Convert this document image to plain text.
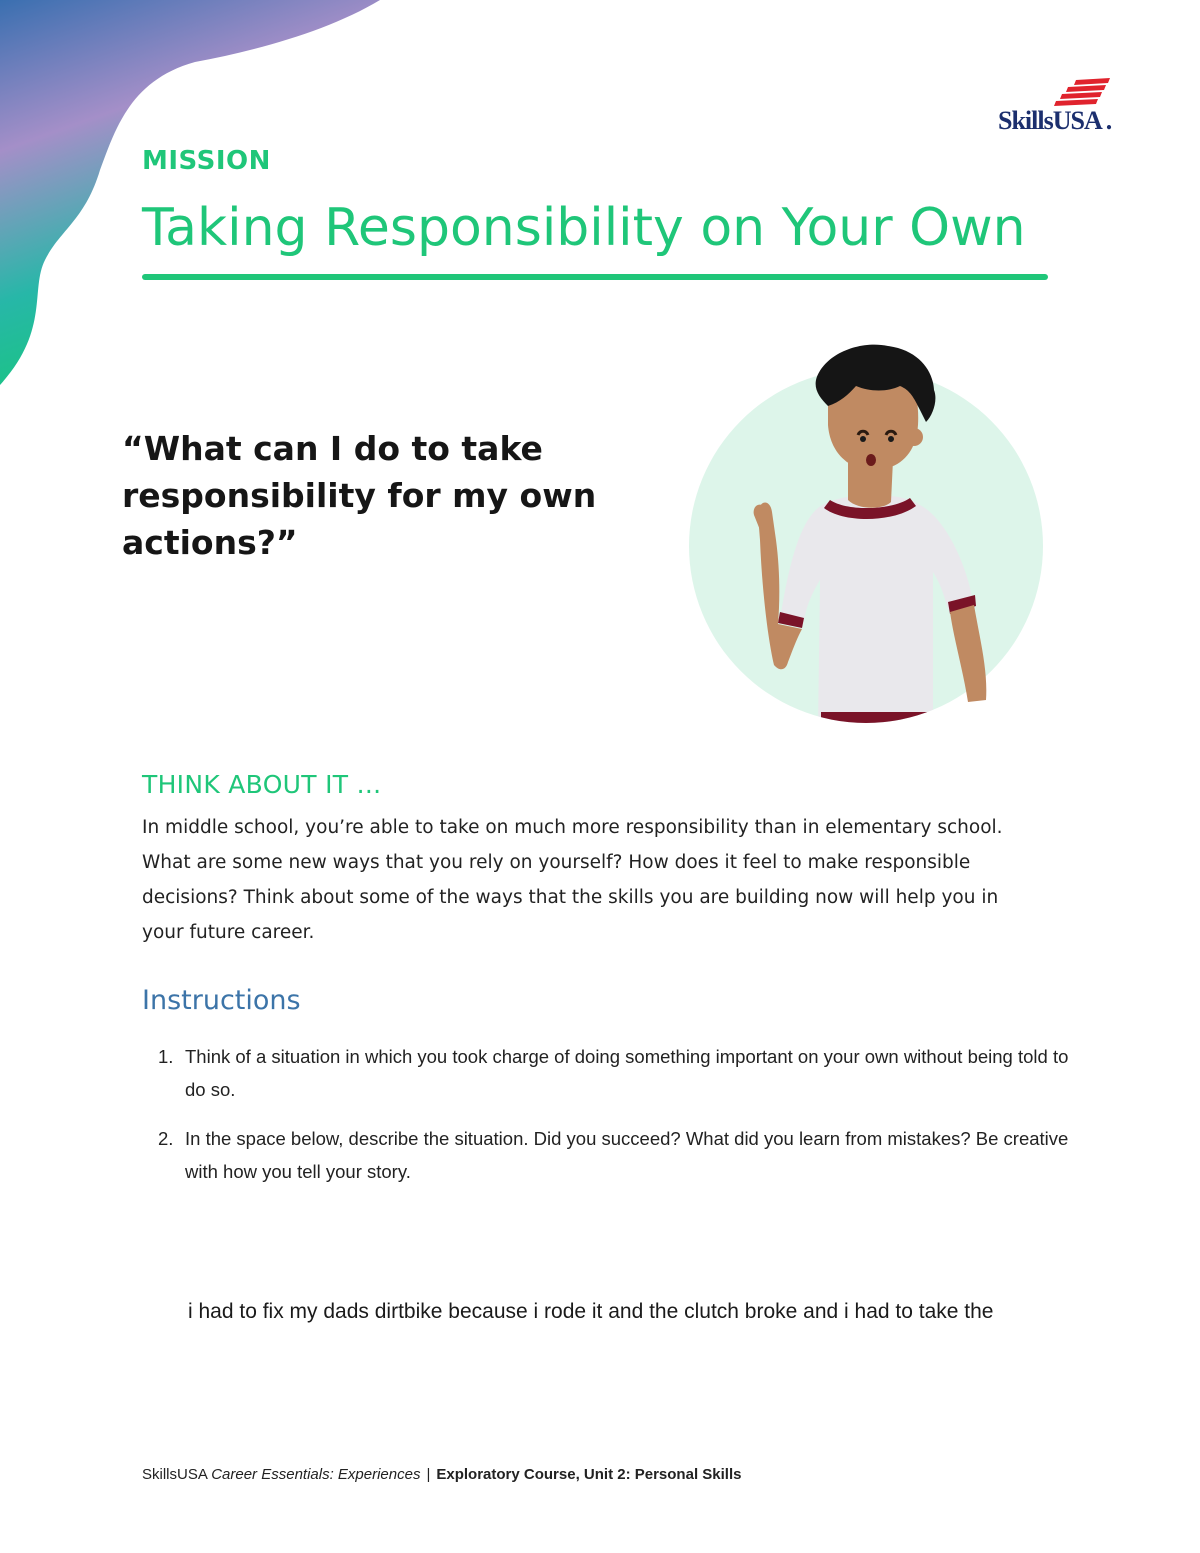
SkillsUSA .
MISSION
Taking Responsibility on Your Own

“What can I do to take responsibility for my own actions?”

THINK ABOUT IT ...

In middle school, you’re able to take on much more responsibility than in elementary school. What are some new ways that you rely on yourself? How does it feel to make responsible decisions? Think about some of the ways that the skills you are building now will help you in your future career.

Instructions
1. Think of a situation in which you took charge of doing something important on your own without being told to do so.
2. In the space below, describe the situation. Did you succeed? What did you learn from mistakes? Be creative with how you tell your story.
i had to fix my dads dirtbike because i rode it and the clutch broke and i had to take the
SkillsUSA Career Essentials: Experiences | Exploratory Course, Unit 2: Personal Skills
